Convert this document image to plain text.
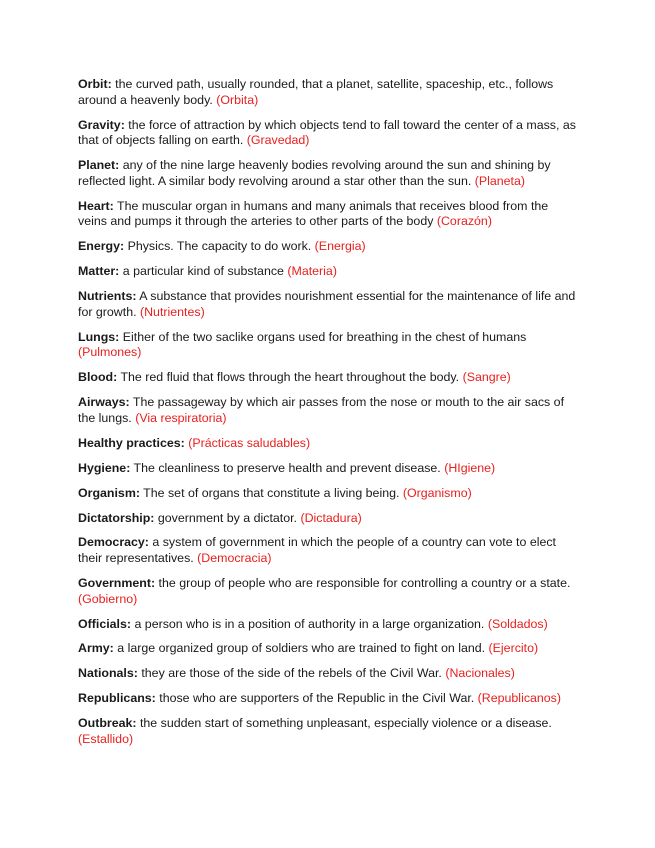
Orbit: the curved path, usually rounded, that a planet, satellite, spaceship, etc., follows around a heavenly body. (Orbita)
Gravity: the force of attraction by which objects tend to fall toward the center of a mass, as that of objects falling on earth. (Gravedad)
Planet: any of the nine large heavenly bodies revolving around the sun and shining by reflected light. A similar body revolving around a star other than the sun. (Planeta)
Heart: The muscular organ in humans and many animals that receives blood from the veins and pumps it through the arteries to other parts of the body (Corazón)
Energy: Physics. The capacity to do work. (Energia)
Matter: a particular kind of substance (Materia)
Nutrients: A substance that provides nourishment essential for the maintenance of life and for growth. (Nutrientes)
Lungs: Either of the two saclike organs used for breathing in the chest of humans (Pulmones)
Blood: The red fluid that flows through the heart throughout the body. (Sangre)
Airways: The passageway by which air passes from the nose or mouth to the air sacs of the lungs. (Via respiratoria)
Healthy practices: (Prácticas saludables)
Hygiene: The cleanliness to preserve health and prevent disease. (HIgiene)
Organism: The set of organs that constitute a living being. (Organismo)
Dictatorship: government by a dictator. (Dictadura)
Democracy: a system of government in which the people of a country can vote to elect their representatives. (Democracia)
Government: the group of people who are responsible for controlling a country or a state. (Gobierno)
Officials: a person who is in a position of authority in a large organization. (Soldados)
Army: a large organized group of soldiers who are trained to fight on land. (Ejercito)
Nationals: they are those of the side of the rebels of the Civil War. (Nacionales)
Republicans: those who are supporters of the Republic in the Civil War. (Republicanos)
Outbreak: the sudden start of something unpleasant, especially violence or a disease. (Estallido)
